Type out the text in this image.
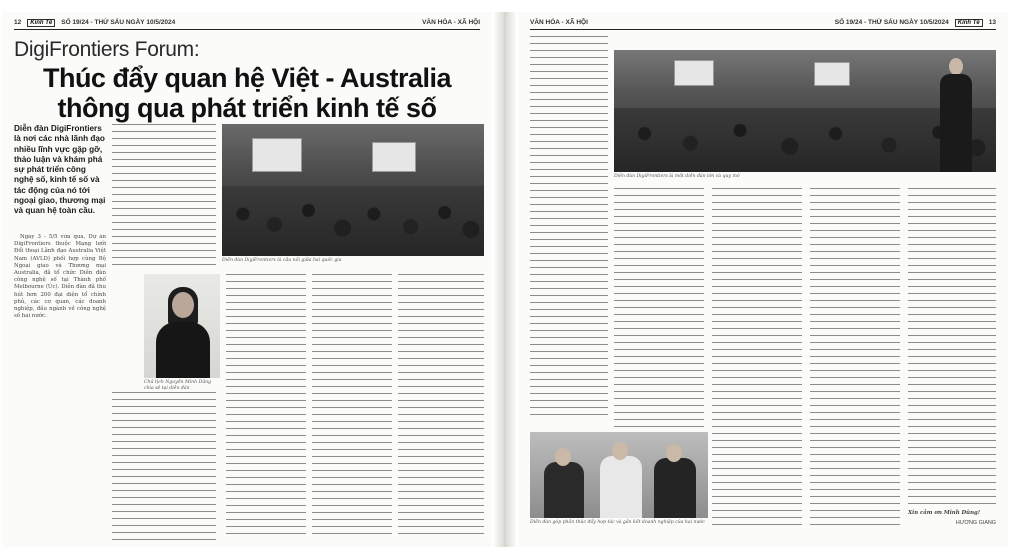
12	Kinh Tế	SỐ 19/24 - THỨ SÁU NGÀY 10/5/2024	VĂN HÓA - XÃ HỘI
DigiFrontiers Forum:
Thúc đẩy quan hệ Việt - Australia
thông qua phát triển kinh tế số
Diễn đàn DigiFrontiers là nơi các nhà lãnh đạo nhiều lĩnh vực gặp gỡ, thảo luận và khám phá sự phát triển công nghệ số, kinh tế số và tác động của nó tới ngoại giao, thương mại và quan hệ toàn cầu.

Ngày 3 - 5/5 vừa qua, Dự án DigiFrontiers thuộc Mạng lưới Đổi thoại Lãnh đạo Australia Việt Nam (AVLD) phối hợp cùng Bộ Ngoại giao và Thương mại Australia, đã tổ chức Diễn đàn công nghệ số tại Thành phố Melbourne (Úc). Diễn đàn đã thu hút hơn 200 đại diện tổ chính phủ, các cơ quan, các doanh nghiệp, đầu ngành về công nghệ số hai nước.

Diễn đàn DigiFrontiers là cầu nối giữa hai quốc gia
Chủ tịch Nguyễn Minh Dũng chia sẻ tại diễn đàn
VĂN HÓA - XÃ HỘI	SỐ 19/24 - THỨ SÁU NGÀY 10/5/2024	Kinh Tế	13
Diễn đàn DigiFrontiers là một diễn đàn lớn và quy mô
Diễn đàn góp phần thúc đẩy hợp tác và gắn kết doanh nghiệp của hai nước
Xin cảm ơn Minh Dũng!
HƯƠNG GIANG
